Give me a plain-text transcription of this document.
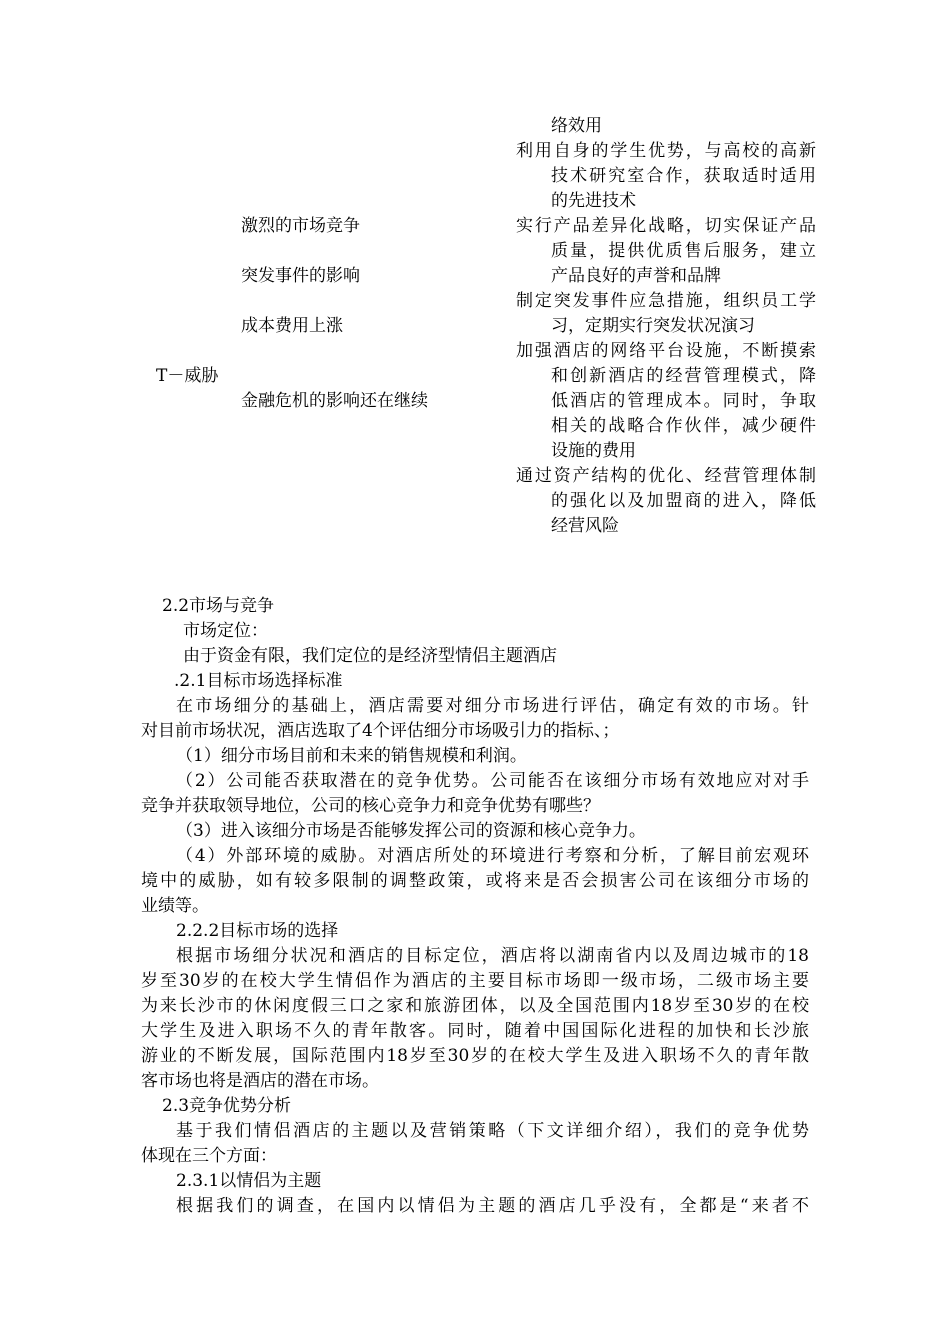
T－威胁
激烈的市场竞争
突发事件的影响
成本费用上涨
金融危机的影响还在继续
络效用
利用自身的学生优势，与高校的高新
技术研究室合作，获取适时适用
的先进技术
实行产品差异化战略，切实保证产品
质量，提供优质售后服务，建立
产品良好的声誉和品牌
制定突发事件应急措施，组织员工学
习，定期实行突发状况演习
加强酒店的网络平台设施，不断摸索
和创新酒店的经营管理模式，降
低酒店的管理成本。同时，争取
相关的战略合作伙伴，减少硬件
设施的费用
通过资产结构的优化、经营管理体制
的强化以及加盟商的进入，降低
经营风险
2.2市场与竞争
市场定位：
由于资金有限，我们定位的是经济型情侣主题酒店
.2.1目标市场选择标准
在市场细分的基础上，酒店需要对细分市场进行评估，确定有效的市场。针
对目前市场状况，酒店选取了4个评估细分市场吸引力的指标、；
（1）细分市场目前和未来的销售规模和利润。
（2）公司能否获取潜在的竞争优势。公司能否在该细分市场有效地应对对手
竞争并获取领导地位，公司的核心竞争力和竞争优势有哪些？
（3）进入该细分市场是否能够发挥公司的资源和核心竞争力。
（4）外部环境的威胁。对酒店所处的环境进行考察和分析，了解目前宏观环
境中的威胁，如有较多限制的调整政策，或将来是否会损害公司在该细分市场的
业绩等。
2.2.2目标市场的选择
根据市场细分状况和酒店的目标定位，酒店将以湖南省内以及周边城市的18
岁至30岁的在校大学生情侣作为酒店的主要目标市场即一级市场，二级市场主要
为来长沙市的休闲度假三口之家和旅游团体，以及全国范围内18岁至30岁的在校
大学生及进入职场不久的青年散客。同时，随着中国国际化进程的加快和长沙旅
游业的不断发展，国际范围内18岁至30岁的在校大学生及进入职场不久的青年散
客市场也将是酒店的潜在市场。
2.3竞争优势分析
基于我们情侣酒店的主题以及营销策略（下文详细介绍），我们的竞争优势
体现在三个方面：
2.3.1以情侣为主题
根据我们的调查，在国内以情侣为主题的酒店几乎没有，全都是“来者不
